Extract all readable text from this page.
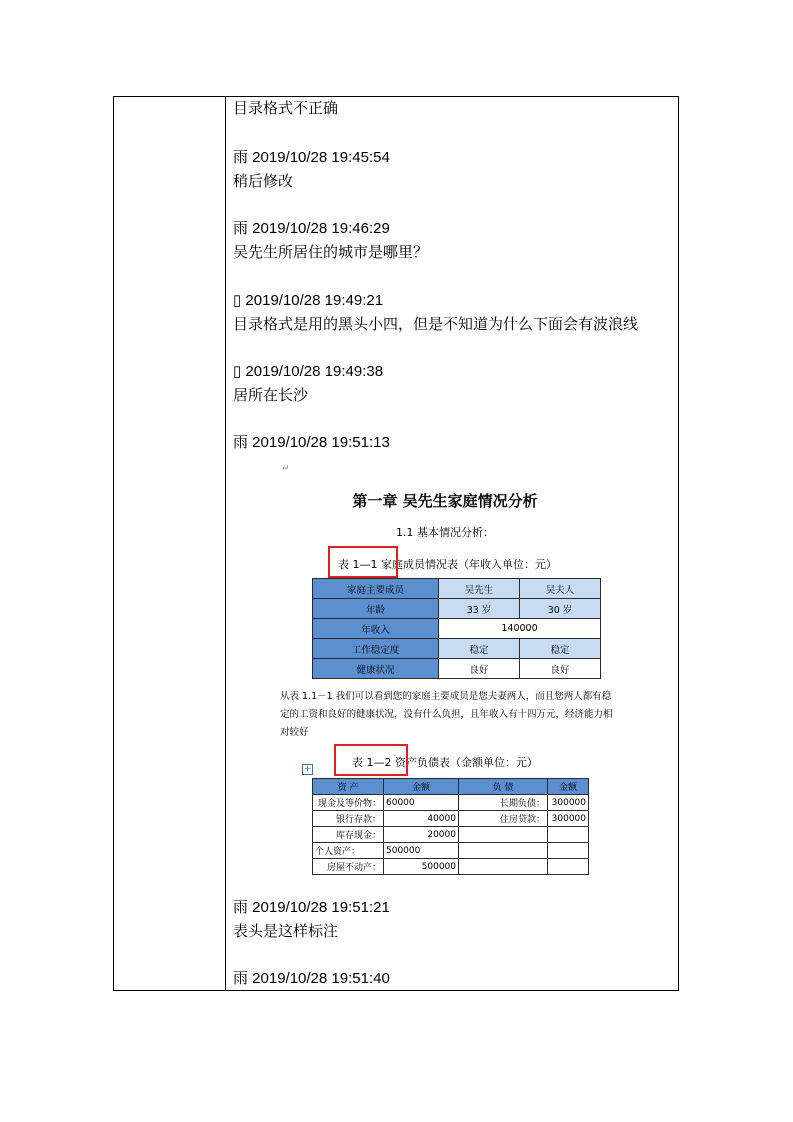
目录格式不正确
雨 2019/10/28 19:45:54
稍后修改
雨 2019/10/28 19:46:29
吴先生所居住的城市是哪里？
▯ 2019/10/28 19:49:21
目录格式是用的黑头小四，但是不知道为什么下面会有波浪线
▯ 2019/10/28 19:49:38
居所在长沙
雨 2019/10/28 19:51:13
雨 2019/10/28 19:51:21
表头是这样标注
雨 2019/10/28 19:51:40
↵
第一章 吴先生家庭情况分析
1.1 基本情况分析：
表 1—1 家庭成员情况表（年收入单位：元）
家庭主要成员	吴先生	吴夫人
年龄	33 岁	30 岁
年收入	140000	
工作稳定度	稳定	稳定
健康状况	良好	良好
从表 1.1－1 我们可以看到您的家庭主要成员是您夫妻两人，而且您两人都有稳定的工资和良好的健康状况，没有什么负担，且年收入有十四万元，经济能力相对较好
表 1—2 资产负债表（金额单位：元）
+
资 产	金额	负 债	金额
现金及等价物：	60000	长期负债：	300000
银行存款：	40000	住房贷款：	300000
库存现金：	20000		
个人资产：	500000		
房屋不动产：	500000		
